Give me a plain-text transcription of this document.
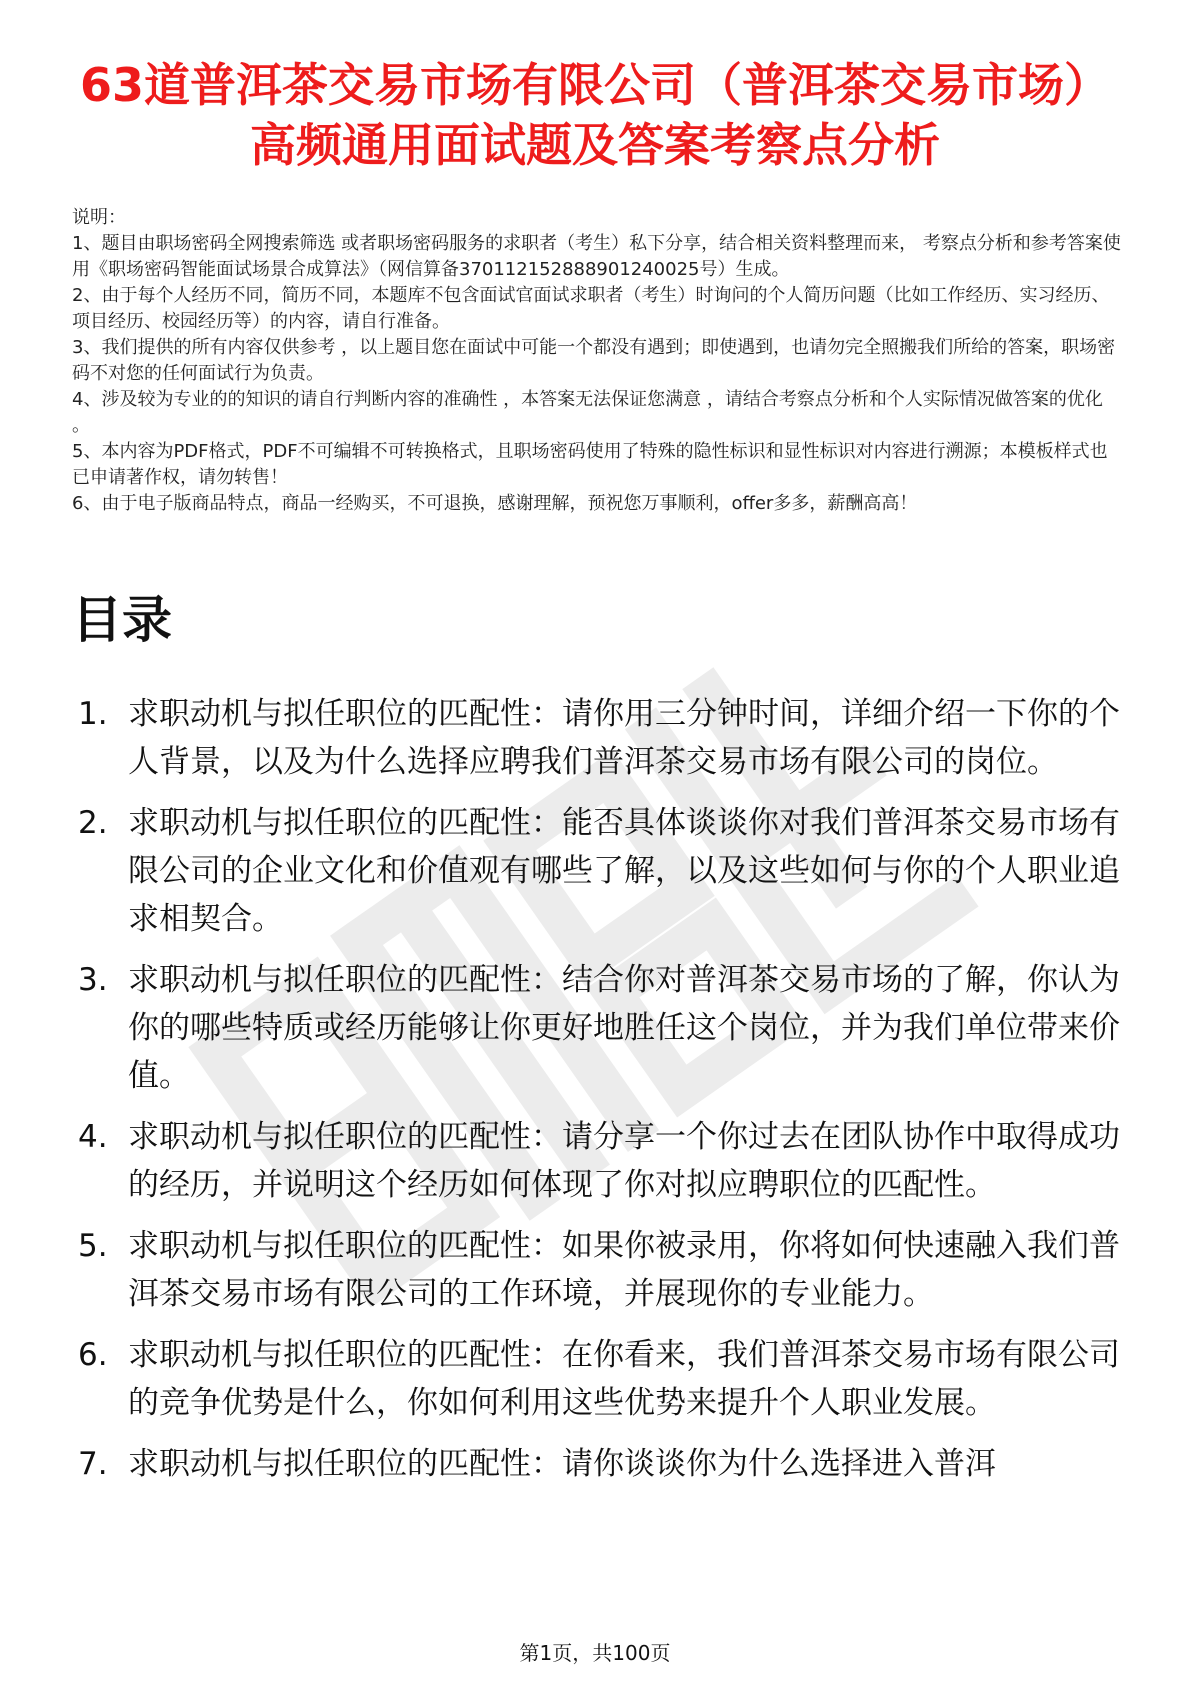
63道普洱茶交易市场有限公司（普洱茶交易市场）高频通用面试题及答案考察点分析

说明：

1、题目由职场密码全网搜索筛选 或者职场密码服务的求职者（考生）私下分享，结合相关资料整理而来， 考察点分析和参考答案使用《职场密码智能面试场景合成算法》（网信算备370112152888901240025号）生成。

2、由于每个人经历不同，简历不同，本题库不包含面试官面试求职者（考生）时询问的个人简历问题（比如工作经历、实习经历、项目经历、校园经历等）的内容，请自行准备。

3、我们提供的所有内容仅供参考 ，以上题目您在面试中可能一个都没有遇到；即使遇到，也请勿完全照搬我们所给的答案，职场密码不对您的任何面试行为负责。

4、涉及较为专业的的知识的请自行判断内容的准确性 ，本答案无法保证您满意 ，请结合考察点分析和个人实际情况做答案的优化 。

5、本内容为PDF格式，PDF不可编辑不可转换格式，且职场密码使用了特殊的隐性标识和显性标识对内容进行溯源；本模板样式也已申请著作权，请勿转售！

6、由于电子版商品特点，商品一经购买，不可退换，感谢理解，预祝您万事顺利，offer多多，薪酬高高！

目录
1. 求职动机与拟任职位的匹配性：请你用三分钟时间，详细介绍一下你的个人背景，以及为什么选择应聘我们普洱茶交易市场有限公司的岗位。
2. 求职动机与拟任职位的匹配性：能否具体谈谈你对我们普洱茶交易市场有限公司的企业文化和价值观有哪些了解，以及这些如何与你的个人职业追求相契合。
3. 求职动机与拟任职位的匹配性：结合你对普洱茶交易市场的了解，你认为你的哪些特质或经历能够让你更好地胜任这个岗位，并为我们单位带来价值。
4. 求职动机与拟任职位的匹配性：请分享一个你过去在团队协作中取得成功的经历，并说明这个经历如何体现了你对拟应聘职位的匹配性。
5. 求职动机与拟任职位的匹配性：如果你被录用，你将如何快速融入我们普洱茶交易市场有限公司的工作环境，并展现你的专业能力。
6. 求职动机与拟任职位的匹配性：在你看来，我们普洱茶交易市场有限公司的竞争优势是什么，你如何利用这些优势来提升个人职业发展。
7. 求职动机与拟任职位的匹配性：请你谈谈你为什么选择进入普洱
第1页，共100页
